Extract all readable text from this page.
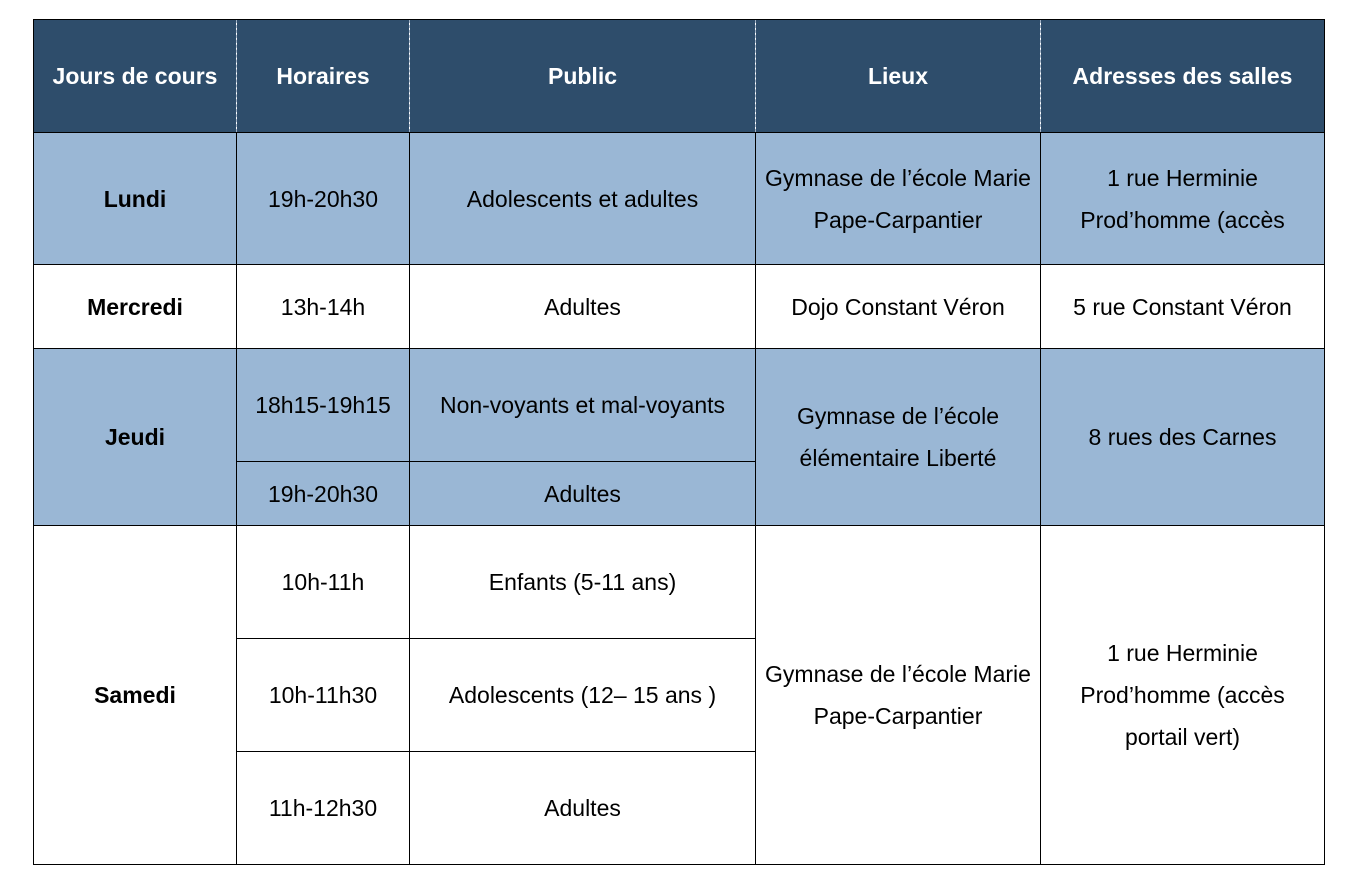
Jours de cours	Horaires	Public	Lieux	Adresses des salles
Lundi	19h-20h30	Adolescents et adultes	Gymnase de l’école Marie Pape-Carpantier	1 rue Herminie Prod’homme (accès
Mercredi	13h-14h	Adultes	Dojo Constant Véron	5 rue Constant Véron
Jeudi	18h15-19h15	Non-voyants et mal-voyants	Gymnase de l’école élémentaire Liberté	8 rues des Carnes
	19h-20h30	Adultes		
Samedi	10h-11h	Enfants (5-11 ans)	Gymnase de l’école Marie Pape-Carpantier	1 rue Herminie Prod’homme (accès portail vert)
	10h-11h30	Adolescents (12– 15 ans )		
	11h-12h30	Adultes		
